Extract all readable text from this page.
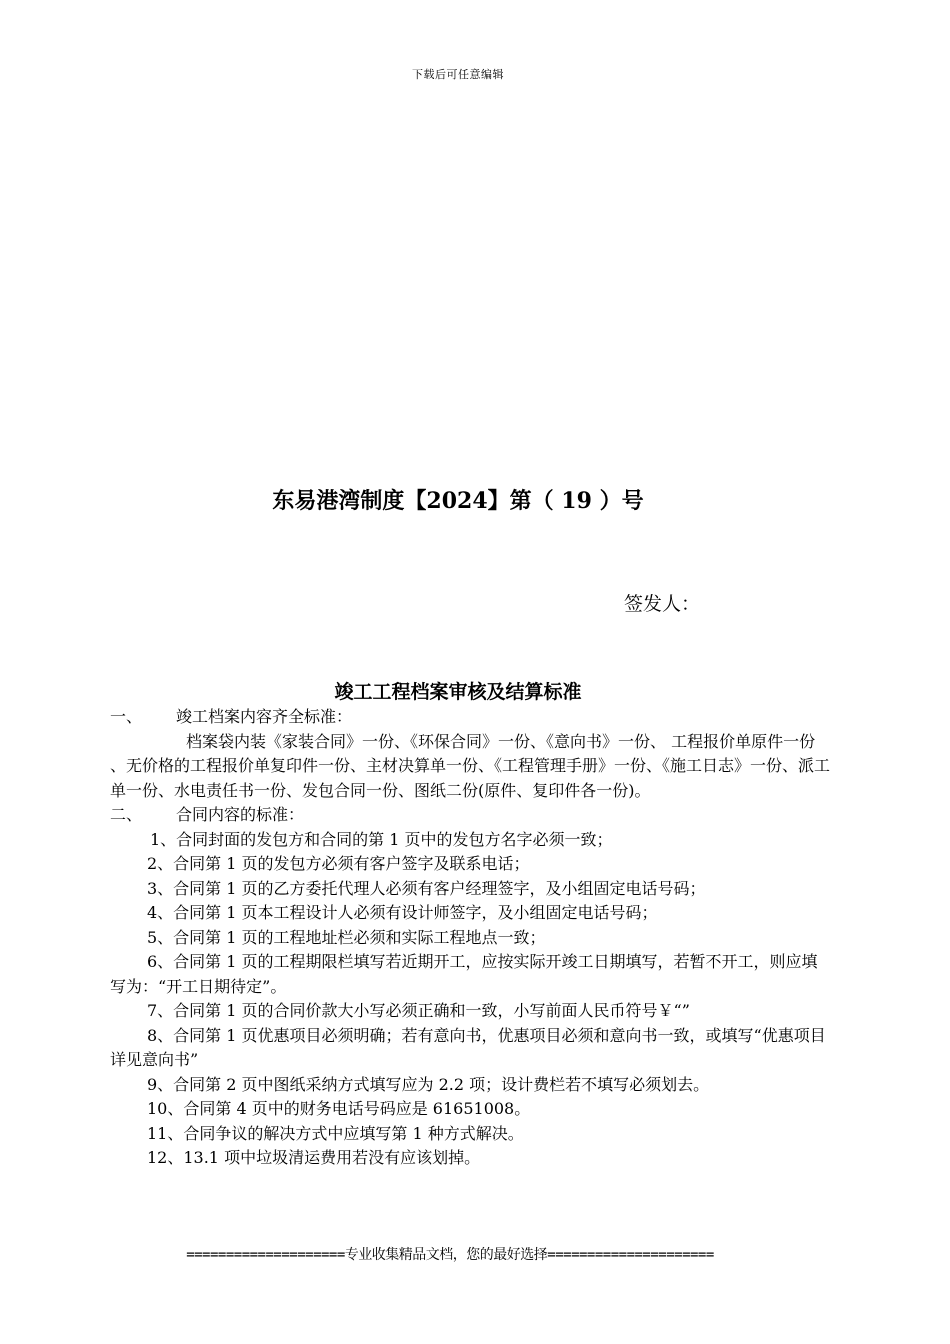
下载后可任意编辑
东易港湾制度【2024】第（ 19 ）号
签发人：
竣工工程档案审核及结算标准

一、	竣工档案内容齐全标准：

档案袋内装《家装合同》一份、《环保合同》一份、《意向书》一份、 工程报价单原件一份 、无价格的工程报价单复印件一份、主材决算单一份、《工程管理手册》一份、《施工日志》一份、派工单一份、水电责任书一份、发包合同一份、图纸二份(原件、复印件各一份)。

二、	合同内容的标准：

1、合同封面的发包方和合同的第 1 页中的发包方名字必须一致；

2、合同第 1 页的发包方必须有客户签字及联系电话；

3、合同第 1 页的乙方委托代理人必须有客户经理签字，及小组固定电话号码；

4、合同第 1 页本工程设计人必须有设计师签字，及小组固定电话号码；

5、合同第 1 页的工程地址栏必须和实际工程地点一致；

6、合同第 1 页的工程期限栏填写若近期开工，应按实际开竣工日期填写，若暂不开工，则应填写为：“开工日期待定”。

7、合同第 1 页的合同价款大小写必须正确和一致，小写前面人民币符号￥“”

8、合同第 1 页优惠项目必须明确；若有意向书，优惠项目必须和意向书一致，或填写“优惠项目详见意向书”

9、合同第 2 页中图纸采纳方式填写应为 2.2 项；设计费栏若不填写必须划去。

10、合同第 4 页中的财务电话号码应是 61651008。

11、合同争议的解决方式中应填写第 1 种方式解决。

12、13.1 项中垃圾清运费用若没有应该划掉。

====================专业收集精品文档，您的最好选择=====================
